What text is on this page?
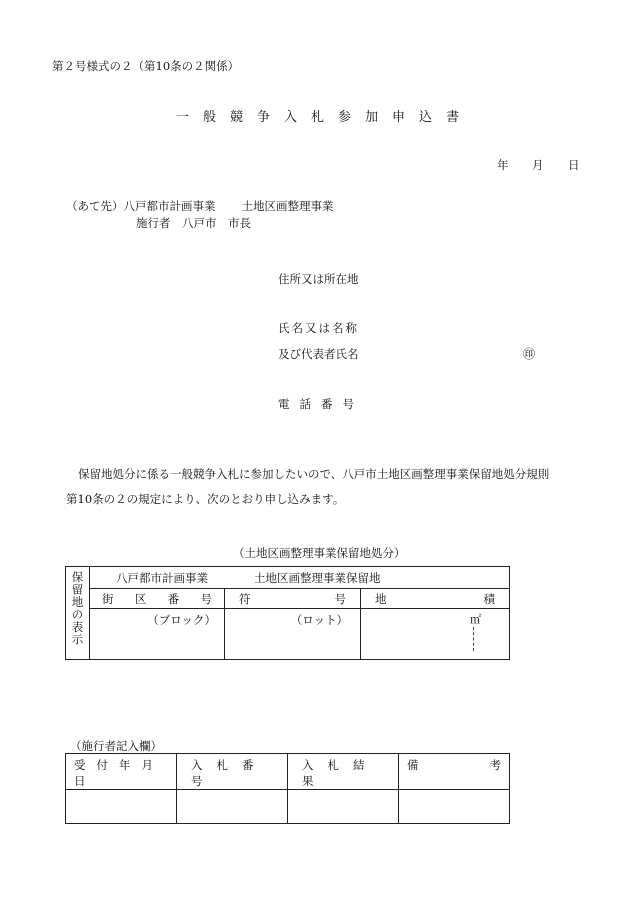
第２号様式の２（第10条の２関係）
一般競争入札参加申込書
年 月 日
（あて先）八戸都市計画事業 土地区画整理事業
施行者　八戸市　市長
住所又は所在地
氏名又は名称
及び代表者氏名	㊞
電話番号
保留地処分に係る一般競争入札に参加したいので、八戸市土地区画整理事業保留地処分規則
第10条の２の規定により、次のとおり申し込みます。
（土地区画整理事業保留地処分）
保留地の表示	八戸都市計画事業 土地区画整理事業保留地		

	街 区 番 号	符 号	地 積

	（ブロック）	（ロット）	㎡
（施行者記入欄）
受付年月日	入札番号	入札結果	備 考
